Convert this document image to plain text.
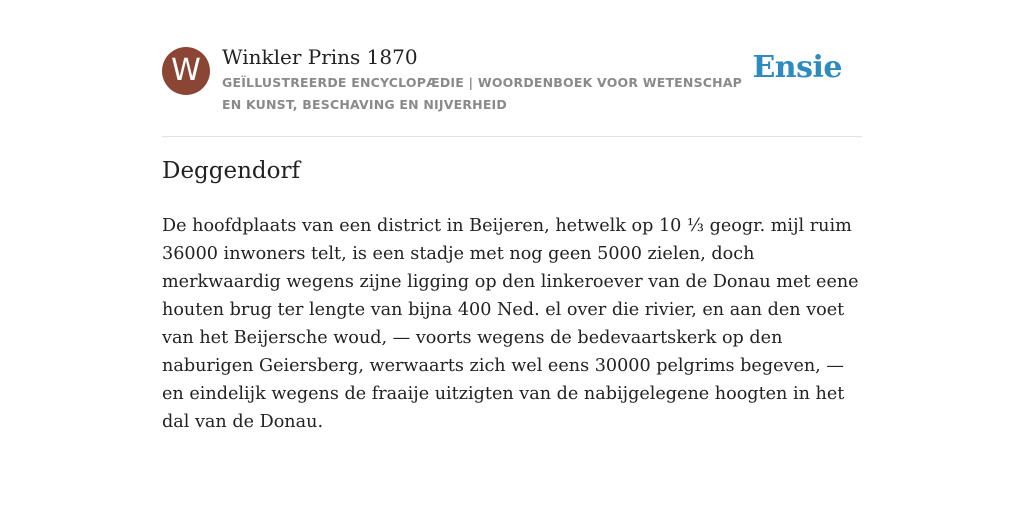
W	Winkler Prins 1870
GEÏLLUSTREERDE ENCYCLOPÆDIE | WOORDENBOEK VOOR WETENSCHAP EN KUNST, BESCHAVING EN NIJVERHEID
Ensie
Deggendorf

De hoofdplaats van een district in Beijeren, hetwelk op 10 ⅓ geogr. mijl ruim 36000 inwoners telt, is een stadje met nog geen 5000 zielen, doch merkwaardig wegens zijne ligging op den linkeroever van de Donau met eene houten brug ter lengte van bijna 400 Ned. el over die rivier, en aan den voet van het Beijersche woud, — voorts wegens de bedevaartskerk op den naburigen Geiersberg, werwaarts zich wel eens 30000 pelgrims begeven, — en eindelijk wegens de fraaije uitzigten van de nabijgelegene hoogten in het dal van de Donau.
